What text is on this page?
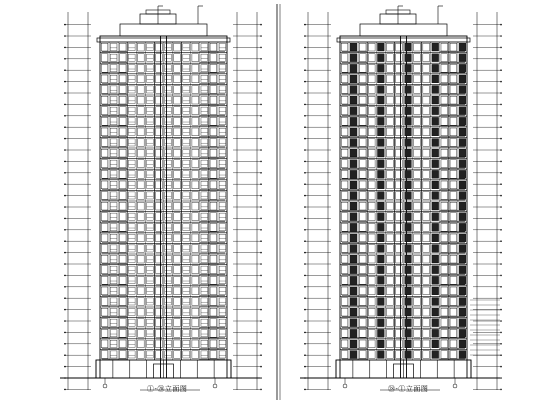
①-㉘立面图	㉘-①立面图
